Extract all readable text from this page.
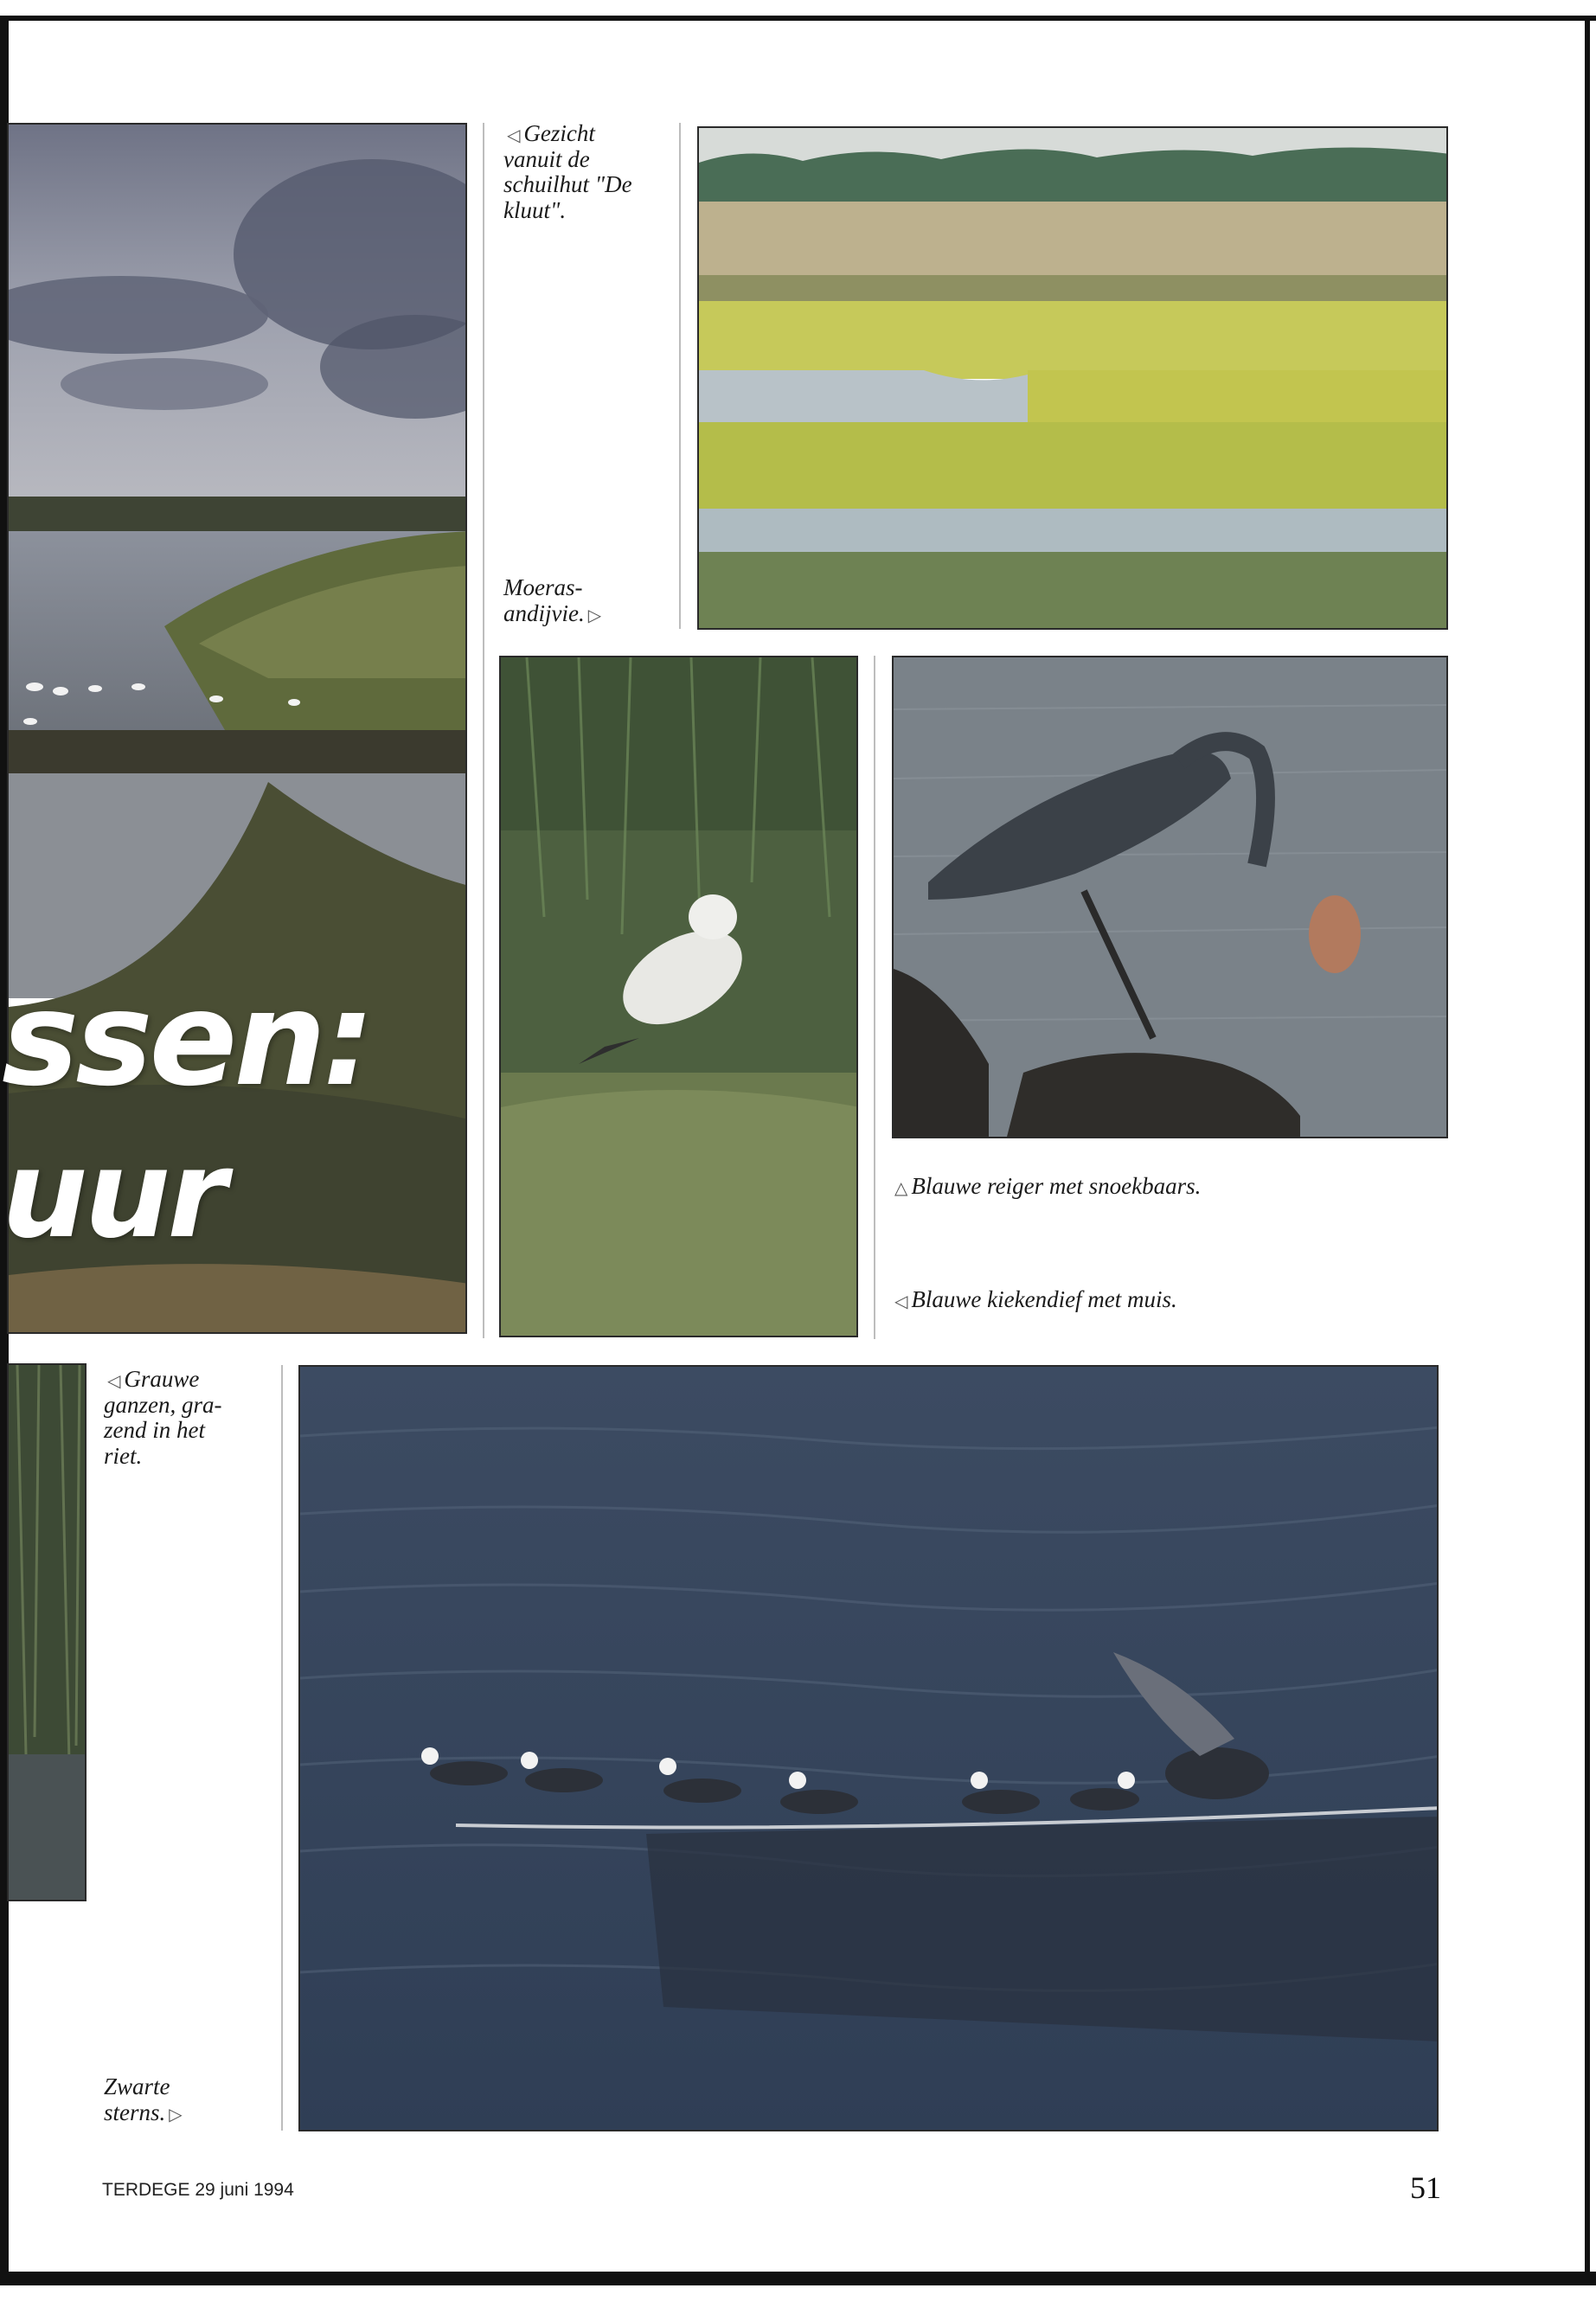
ssen:
uur
◁ Gezicht
vanuit de
schuilhut "De
kluut".
Moeras-
andijvie. ▷
△ Blauwe reiger met snoekbaars.
◁ Blauwe kiekendief met muis.
◁ Grauwe
ganzen, gra-
zend in het
riet.
Zwarte
sterns. ▷
TERDEGE 29 juni 1994	51
